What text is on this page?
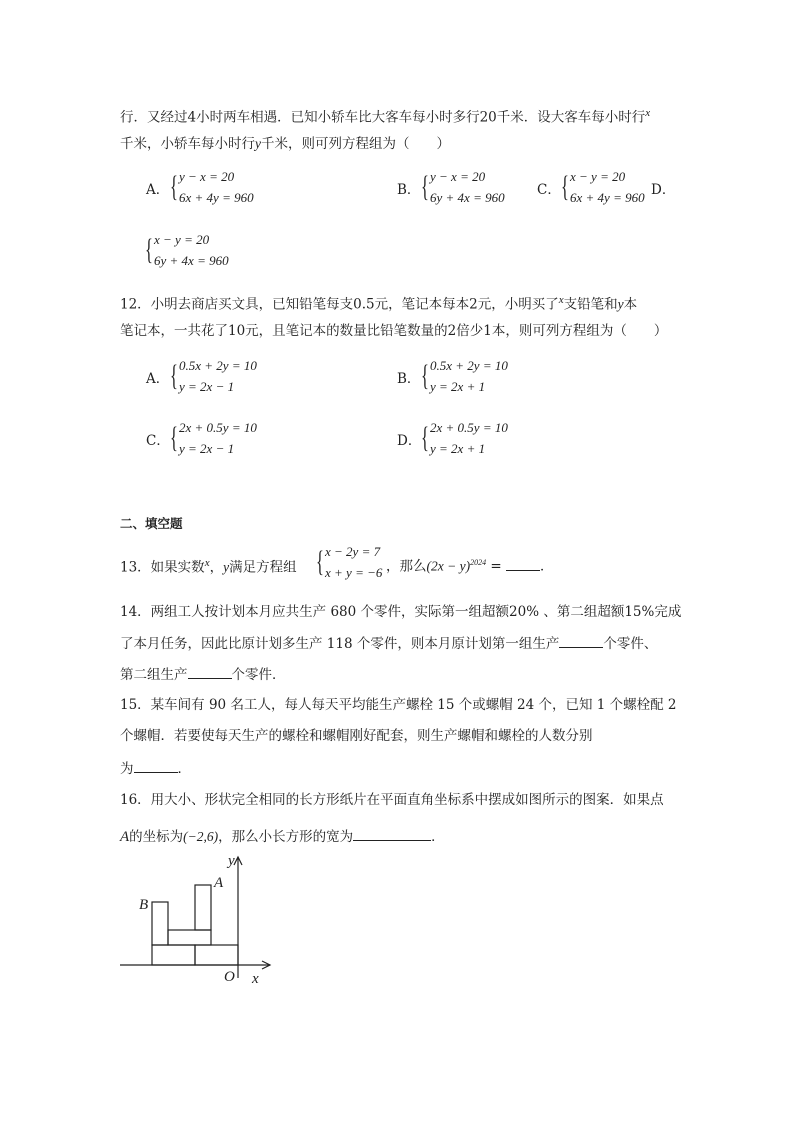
行．又经过4小时两车相遇．已知小轿车比大客车每小时多行20千米．设大客车每小时行$^x$
千米，小轿车每小时行y千米，则可列方程组为（　　）
A． { y − x = 20
6x + 4y = 960	B． { y − x = 20
6y + 4x = 960 C． { x − y = 20
6x + 4y = 960 D．
{ x − y = 20
6y + 4x = 960
12．小明去商店买文具，已知铅笔每支0.5元，笔记本每本2元，小明买了$^x$支铅笔和y本
笔记本，一共花了10元，且笔记本的数量比铅笔数量的2倍少1本，则可列方程组为（　　）
A． { 0.5x + 2y = 10
y = 2x − 1	B． { 0.5x + 2y = 10
y = 2x + 1
C． { 2x + 0.5y = 10
y = 2x − 1	D． { 2x + 0.5y = 10
y = 2x + 1
二、填空题
13．如果实数$^x$，y满足方程组 { x − 2y = 7
x + y = −6 ，那么$(2x - y)^{2024}$ =	．
14．两组工人按计划本月应共生产 680 个零件，实际第一组超额20% 、第二组超额15%完成
了本月任务，因此比原计划多生产 118 个零件，则本月原计划第一组生产	个零件、
第二组生产	个零件．
15．某车间有 90 名工人，每人每天平均能生产螺栓 15 个或螺帽 24 个，已知 1 个螺栓配 2
个螺帽．若要使每天生产的螺栓和螺帽刚好配套，则生产螺帽和螺栓的人数分别
为	．
16．用大小、形状完全相同的长方形纸片在平面直角坐标系中摆成如图所示的图案．如果点
A的坐标为(−2,6)，那么小长方形的宽为	．
A
B
O x
y
